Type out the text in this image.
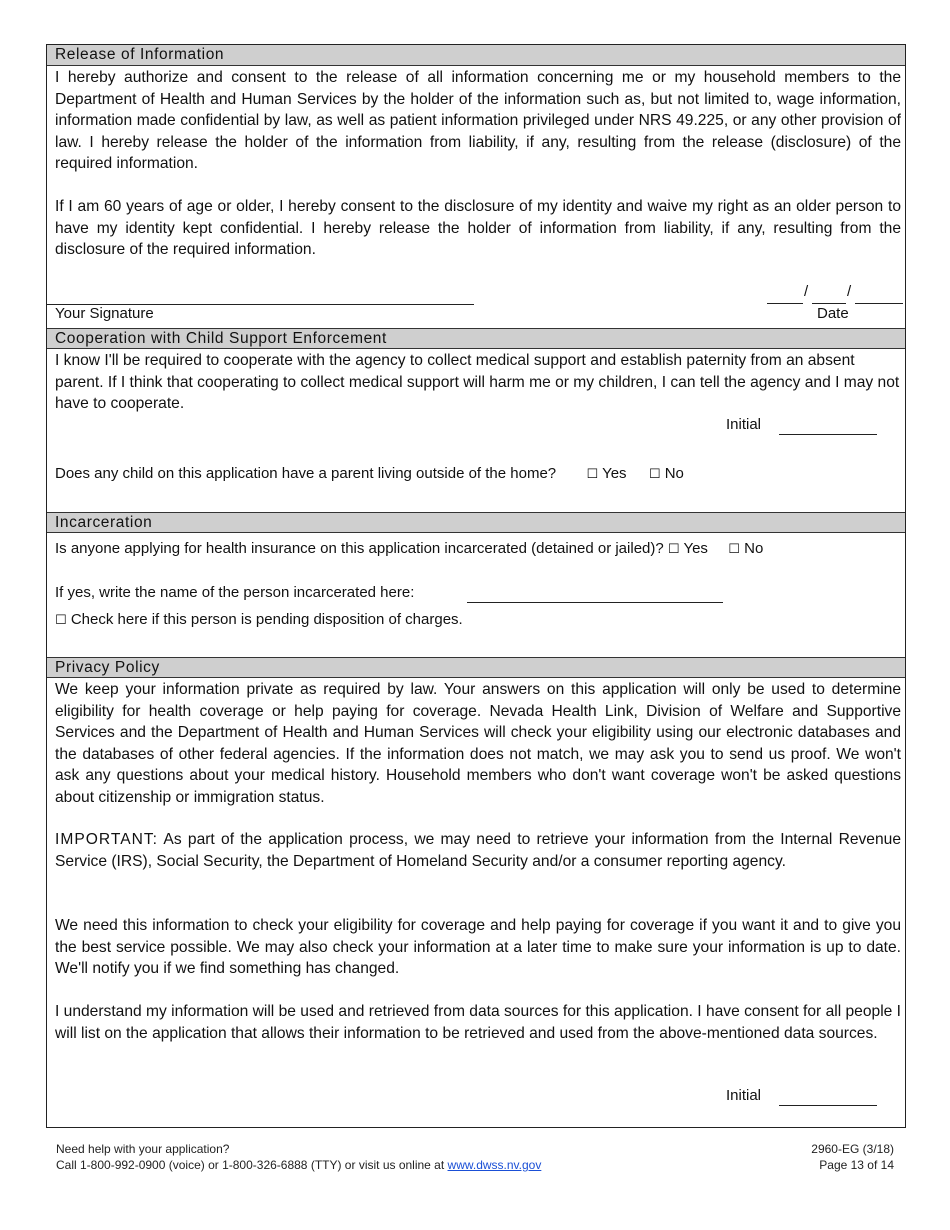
Release of Information

I hereby authorize and consent to the release of all information concerning me or my household members to the Department of Health and Human Services by the holder of the information such as, but not limited to, wage information, information made confidential by law, as well as patient information privileged under NRS 49.225, or any other provision of law. I hereby release the holder of the information from liability, if any, resulting from the release (disclosure) of the required information.

If I am 60 years of age or older, I hereby consent to the disclosure of my identity and waive my right as an older person to have my identity kept confidential. I hereby release the holder of information from liability, if any, resulting from the disclosure of the required information.

/	/
Your Signature	Date
Cooperation with Child Support Enforcement

I know I'll be required to cooperate with the agency to collect medical support and establish paternity from an absent parent. If I think that cooperating to collect medical support will harm me or my children, I can tell the agency and I may not have to cooperate.

Initial
Does any child on this application have a parent living outside of the home? ☐ Yes ☐ No
Incarceration
Is anyone applying for health insurance on this application incarcerated (detained or jailed)? ☐ Yes ☐ No
If yes, write the name of the person incarcerated here:
☐ Check here if this person is pending disposition of charges.
Privacy Policy

We keep your information private as required by law. Your answers on this application will only be used to determine eligibility for health coverage or help paying for coverage. Nevada Health Link, Division of Welfare and Supportive Services and the Department of Health and Human Services will check your eligibility using our electronic databases and the databases of other federal agencies. If the information does not match, we may ask you to send us proof. We won't ask any questions about your medical history. Household members who don't want coverage won't be asked questions about citizenship or immigration status.

IMPORTANT: As part of the application process, we may need to retrieve your information from the Internal Revenue Service (IRS), Social Security, the Department of Homeland Security and/or a consumer reporting agency.

We need this information to check your eligibility for coverage and help paying for coverage if you want it and to give you the best service possible. We may also check your information at a later time to make sure your information is up to date. We'll notify you if we find something has changed.

I understand my information will be used and retrieved from data sources for this application. I have consent for all people I will list on the application that allows their information to be retrieved and used from the above-mentioned data sources.

Initial
Need help with your application?
Call 1-800-992-0900 (voice) or 1-800-326-6888 (TTY) or visit us online at www.dwss.nv.gov
2960-EG (3/18)
Page 13 of 14
